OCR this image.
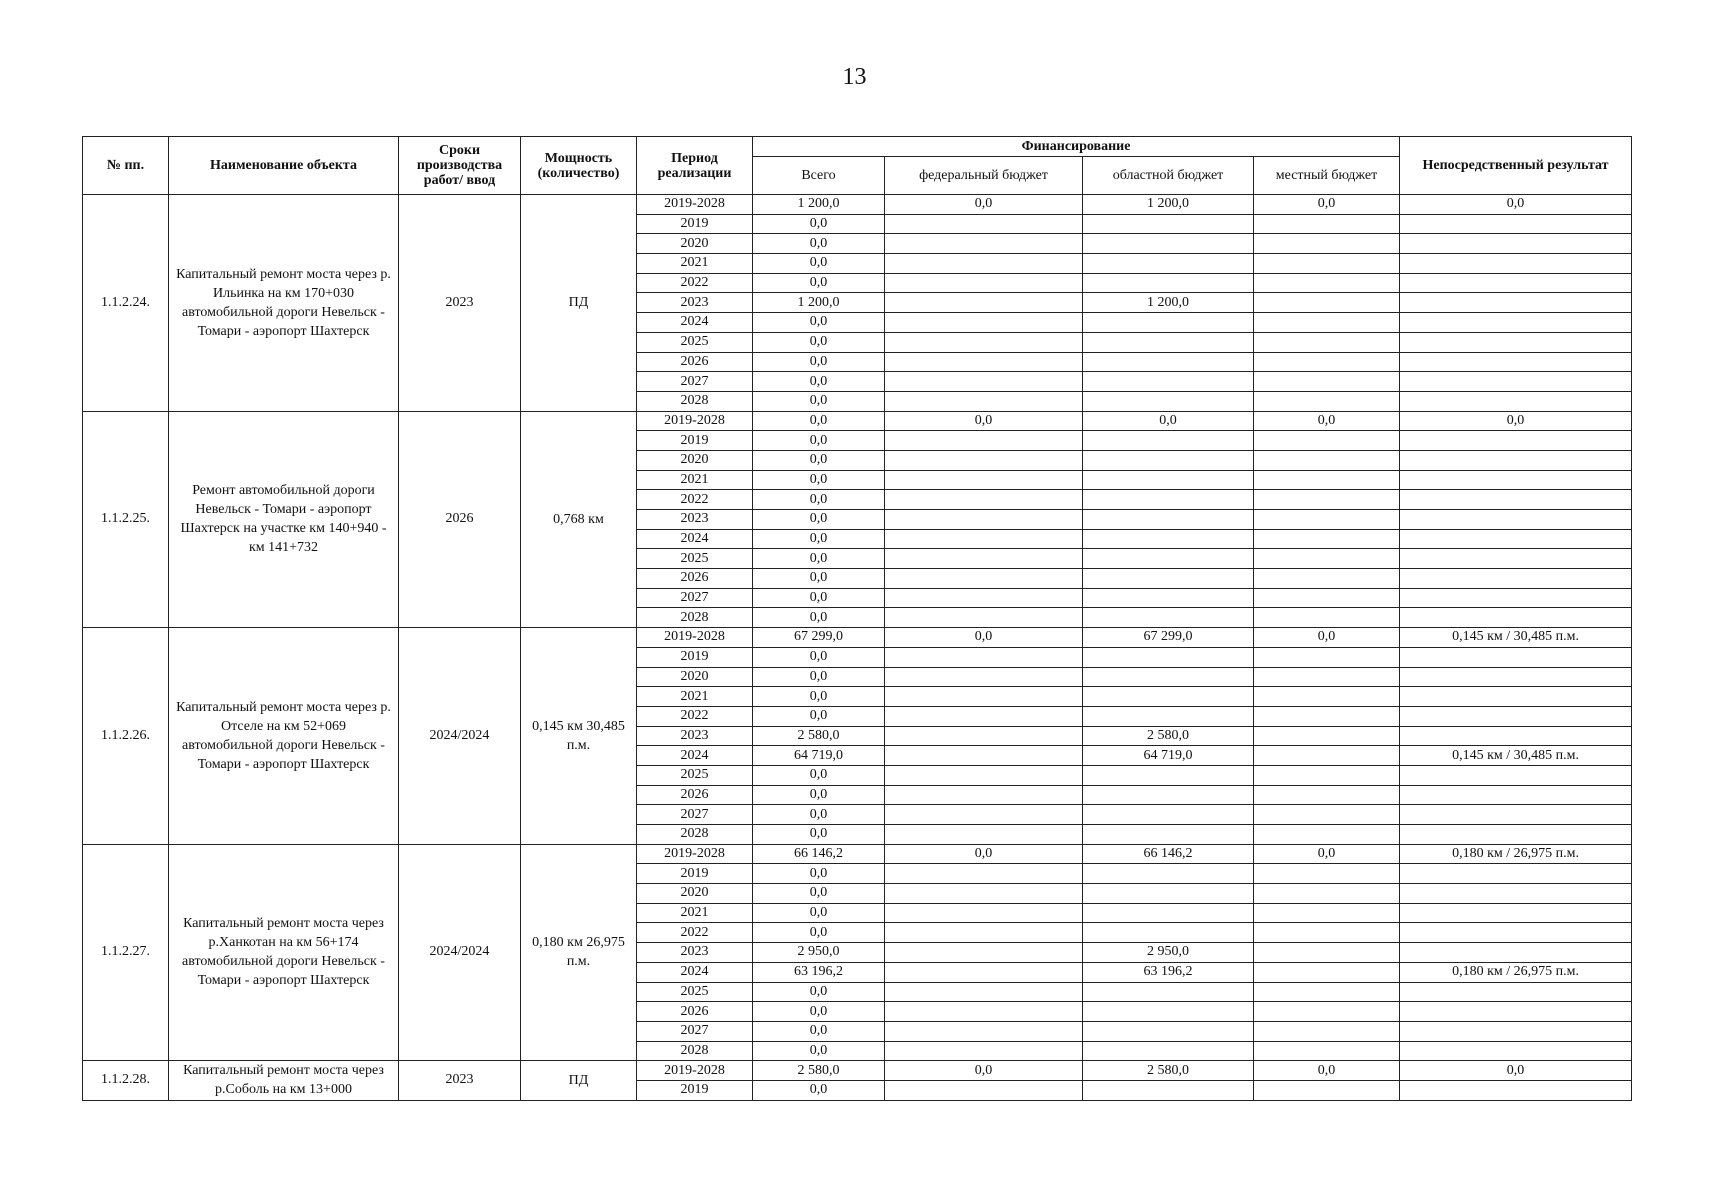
13
№ пп.	Наименование объекта	Сроки производства работ/ ввод	Мощность (количество)	Период реализации	Финансирование				Непосредственный результат
					Всего	федеральный бюджет	областной бюджет	местный бюджет	
1.1.2.24.	Капитальный ремонт моста через р. Ильинка на км 170+030 автомобильной дороги Невельск - Томари - аэропорт Шахтерск	2023	ПД	2019-2028	1 200,0	0,0	1 200,0	0,0	0,0
				2019	0,0				
				2020	0,0				
				2021	0,0				
				2022	0,0				
				2023	1 200,0		1 200,0		
				2024	0,0				
				2025	0,0				
				2026	0,0				
				2027	0,0				
				2028	0,0				
1.1.2.25.	Ремонт автомобильной дороги Невельск - Томари - аэропорт Шахтерск на участке км 140+940 - км 141+732	2026	0,768 км	2019-2028	0,0	0,0	0,0	0,0	0,0
				2019	0,0				
				2020	0,0				
				2021	0,0				
				2022	0,0				
				2023	0,0				
				2024	0,0				
				2025	0,0				
				2026	0,0				
				2027	0,0				
				2028	0,0				
1.1.2.26.	Капитальный ремонт моста через р. Отселе на км 52+069 автомобильной дороги Невельск - Томари - аэропорт Шахтерск	2024/2024	0,145 км 30,485 п.м.	2019-2028	67 299,0	0,0	67 299,0	0,0	0,145 км / 30,485 п.м.
				2019	0,0				
				2020	0,0				
				2021	0,0				
				2022	0,0				
				2023	2 580,0		2 580,0		
				2024	64 719,0		64 719,0		0,145 км / 30,485 п.м.
				2025	0,0				
				2026	0,0				
				2027	0,0				
				2028	0,0				
1.1.2.27.	Капитальный ремонт моста через р.Ханкотан на км 56+174 автомобильной дороги Невельск - Томари - аэропорт Шахтерск	2024/2024	0,180 км 26,975 п.м.	2019-2028	66 146,2	0,0	66 146,2	0,0	0,180 км / 26,975 п.м.
				2019	0,0				
				2020	0,0				
				2021	0,0				
				2022	0,0				
				2023	2 950,0		2 950,0		
				2024	63 196,2		63 196,2		0,180 км / 26,975 п.м.
				2025	0,0				
				2026	0,0				
				2027	0,0				
				2028	0,0				
1.1.2.28.	Капитальный ремонт моста через р.Соболь на км 13+000	2023	ПД	2019-2028	2 580,0	0,0	2 580,0	0,0	0,0
				2019	0,0				
